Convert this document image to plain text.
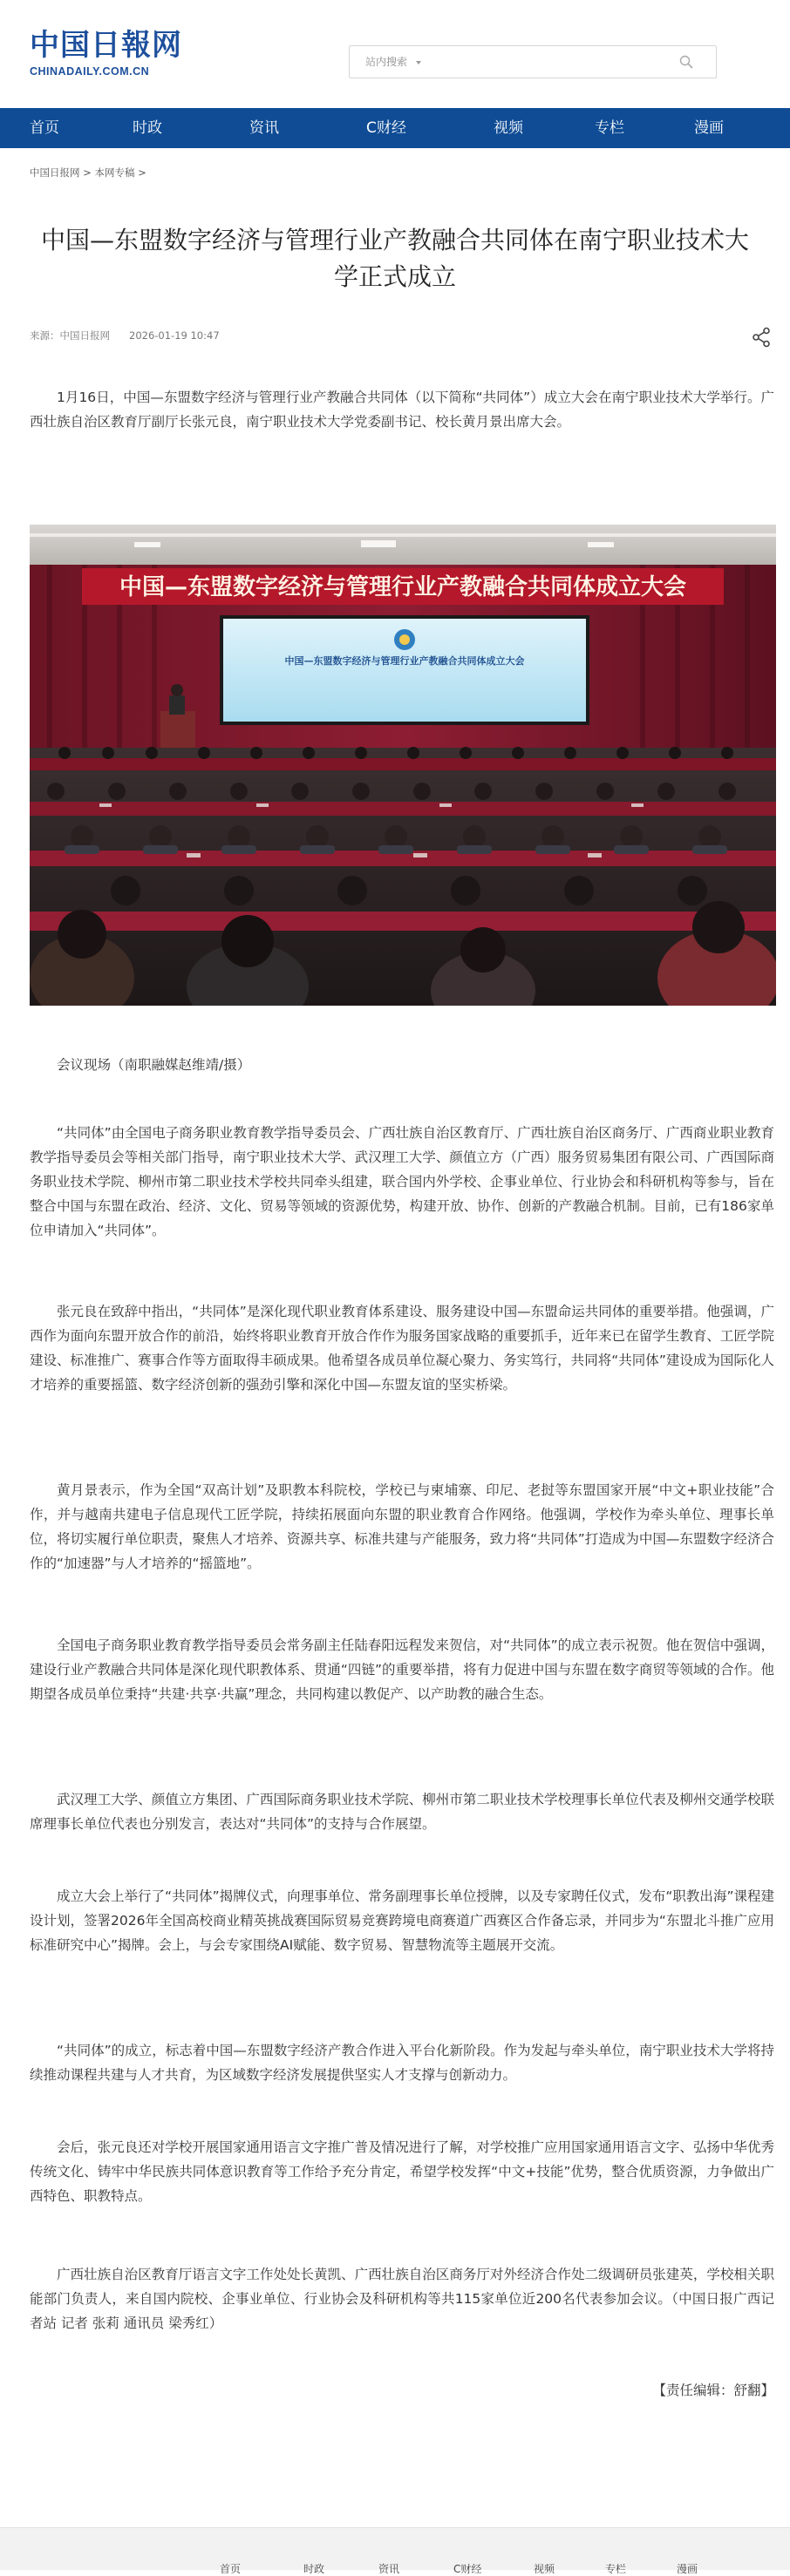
中国日報网
CHINADAILY.COM.CN
站内搜索
首页	时政	资讯	C财经	视频	专栏	漫画
中国日报网 > 本网专稿 >
中国—东盟数字经济与管理行业产教融合共同体在南宁职业技术大学正式成立
来源：中国日报网 2026-01-19 10:47

1月16日，中国—东盟数字经济与管理行业产教融合共同体（以下简称“共同体”）成立大会在南宁职业技术大学举行。广西壮族自治区教育厅副厅长张元良，南宁职业技术大学党委副书记、校长黄月景出席大会。

中国—东盟数字经济与管理行业产教融合共同体成立大会
中国—东盟数字经济与管理行业产教融合共同体成立大会
会议现场（南职融媒赵维靖/摄）

“共同体”由全国电子商务职业教育教学指导委员会、广西壮族自治区教育厅、广西壮族自治区商务厅、广西商业职业教育教学指导委员会等相关部门指导，南宁职业技术大学、武汉理工大学、颜值立方（广西）服务贸易集团有限公司、广西国际商务职业技术学院、柳州市第二职业技术学校共同牵头组建，联合国内外学校、企事业单位、行业协会和科研机构等参与，旨在整合中国与东盟在政治、经济、文化、贸易等领域的资源优势，构建开放、协作、创新的产教融合机制。目前，已有186家单位申请加入“共同体”。

张元良在致辞中指出，“共同体”是深化现代职业教育体系建设、服务建设中国—东盟命运共同体的重要举措。他强调，广西作为面向东盟开放合作的前沿，始终将职业教育开放合作作为服务国家战略的重要抓手，近年来已在留学生教育、工匠学院建设、标准推广、赛事合作等方面取得丰硕成果。他希望各成员单位凝心聚力、务实笃行，共同将“共同体”建设成为国际化人才培养的重要摇篮、数字经济创新的强劲引擎和深化中国—东盟友谊的坚实桥梁。

黄月景表示，作为全国“双高计划”及职教本科院校，学校已与柬埔寨、印尼、老挝等东盟国家开展“中文+职业技能”合作，并与越南共建电子信息现代工匠学院，持续拓展面向东盟的职业教育合作网络。他强调，学校作为牵头单位、理事长单位，将切实履行单位职责，聚焦人才培养、资源共享、标准共建与产能服务，致力将“共同体”打造成为中国—东盟数字经济合作的“加速器”与人才培养的“摇篮地”。

全国电子商务职业教育教学指导委员会常务副主任陆春阳远程发来贺信，对“共同体”的成立表示祝贺。他在贺信中强调，建设行业产教融合共同体是深化现代职教体系、贯通“四链”的重要举措，将有力促进中国与东盟在数字商贸等领域的合作。他期望各成员单位秉持“共建·共享·共赢”理念，共同构建以教促产、以产助教的融合生态。

武汉理工大学、颜值立方集团、广西国际商务职业技术学院、柳州市第二职业技术学校理事长单位代表及柳州交通学校联席理事长单位代表也分别发言，表达对“共同体”的支持与合作展望。

成立大会上举行了“共同体”揭牌仪式，向理事单位、常务副理事长单位授牌，以及专家聘任仪式，发布“职教出海”课程建设计划，签署2026年全国高校商业精英挑战赛国际贸易竞赛跨境电商赛道广西赛区合作备忘录，并同步为“东盟北斗推广应用标准研究中心”揭牌。会上，与会专家围绕AI赋能、数字贸易、智慧物流等主题展开交流。

“共同体”的成立，标志着中国—东盟数字经济产教合作进入平台化新阶段。作为发起与牵头单位，南宁职业技术大学将持续推动课程共建与人才共育，为区域数字经济发展提供坚实人才支撑与创新动力。

会后，张元良还对学校开展国家通用语言文字推广普及情况进行了解，对学校推广应用国家通用语言文字、弘扬中华优秀传统文化、铸牢中华民族共同体意识教育等工作给予充分肯定，希望学校发挥“中文+技能”优势，整合优质资源，力争做出广西特色、职教特点。

广西壮族自治区教育厅语言文字工作处处长黄凯、广西壮族自治区商务厅对外经济合作处二级调研员张建英，学校相关职能部门负责人，来自国内院校、企事业单位、行业协会及科研机构等共115家单位近200名代表参加会议。（中国日报广西记者站 记者 张莉 通讯员 梁秀红）

【责任编辑：舒翻】
首页	时政	资讯	C财经	视频	专栏	漫画
